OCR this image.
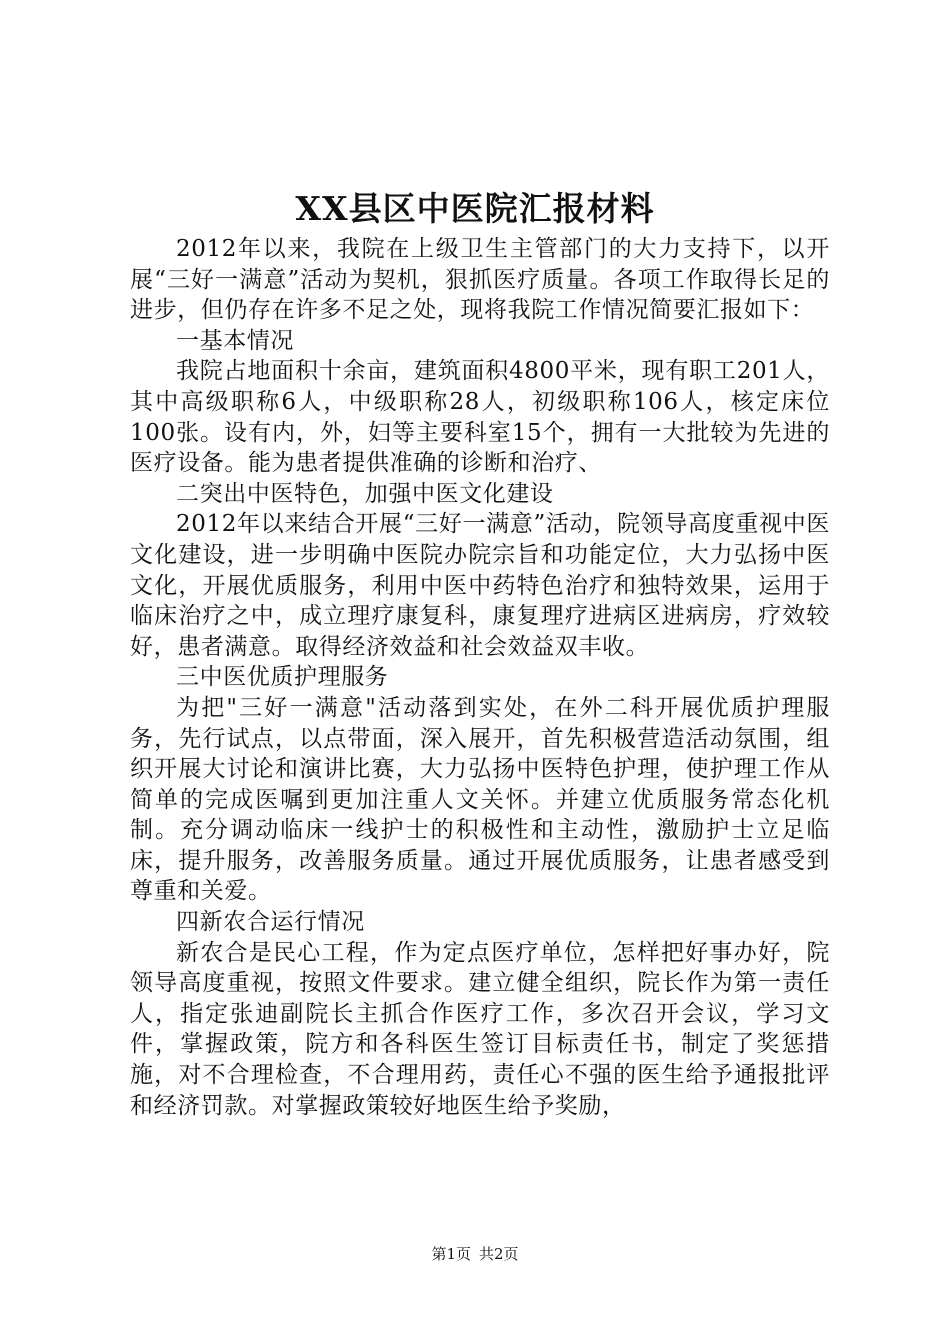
XX县区中医院汇报材料

2012年以来，我院在上级卫生主管部门的大力支持下，以开展“三好一满意”活动为契机，狠抓医疗质量。各项工作取得长足的进步，但仍存在许多不足之处，现将我院工作情况简要汇报如下：

一基本情况

我院占地面积十余亩，建筑面积4800平米，现有职工201人，其中高级职称6人，中级职称28人，初级职称106人，核定床位100张。设有内，外，妇等主要科室15个，拥有一大批较为先进的医疗设备。能为患者提供准确的诊断和治疗、

二突出中医特色，加强中医文化建设

2012年以来结合开展“三好一满意”活动，院领导高度重视中医文化建设，进一步明确中医院办院宗旨和功能定位，大力弘扬中医文化，开展优质服务，利用中医中药特色治疗和独特效果，运用于临床治疗之中，成立理疗康复科，康复理疗进病区进病房，疗效较好，患者满意。取得经济效益和社会效益双丰收。

三中医优质护理服务

为把"三好一满意"活动落到实处，在外二科开展优质护理服务，先行试点，以点带面，深入展开，首先积极营造活动氛围，组织开展大讨论和演讲比赛，大力弘扬中医特色护理，使护理工作从简单的完成医嘱到更加注重人文关怀。并建立优质服务常态化机制。充分调动临床一线护士的积极性和主动性，激励护士立足临床，提升服务，改善服务质量。通过开展优质服务，让患者感受到尊重和关爱。

四新农合运行情况

新农合是民心工程，作为定点医疗单位，怎样把好事办好，院领导高度重视，按照文件要求。建立健全组织，院长作为第一责任人，指定张迪副院长主抓合作医疗工作，多次召开会议，学习文件，掌握政策，院方和各科医生签订目标责任书，制定了奖惩措施，对不合理检查，不合理用药，责任心不强的医生给予通报批评和经济罚款。对掌握政策较好地医生给予奖励，

第1页 共2页
